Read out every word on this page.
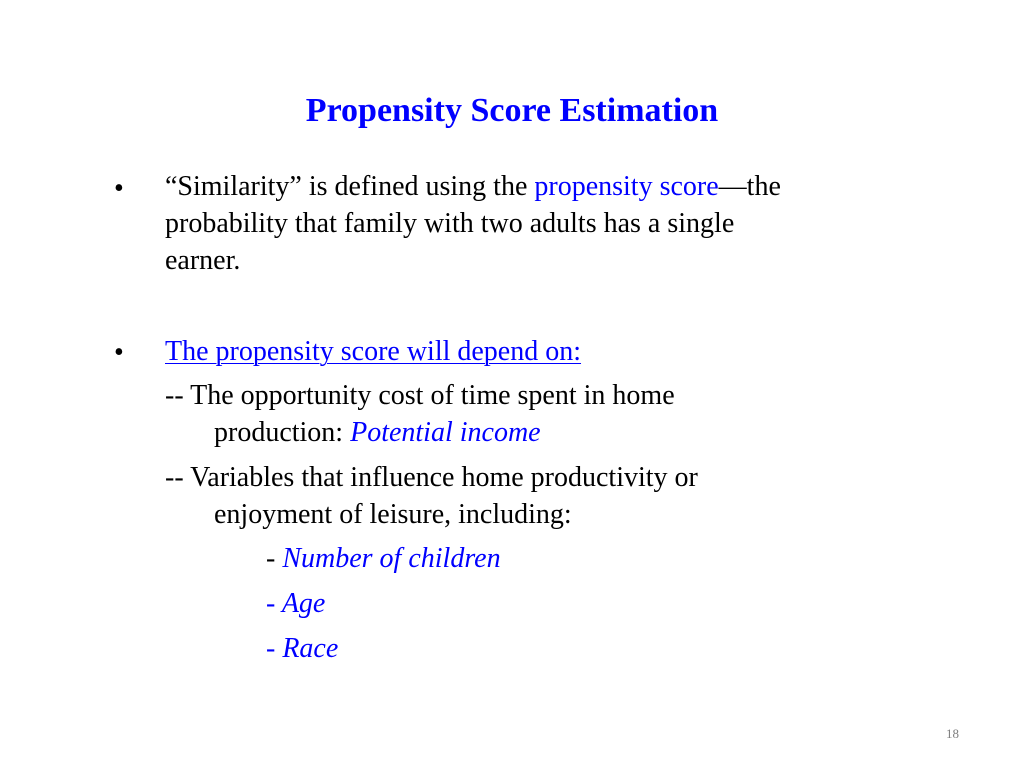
Propensity Score Estimation
• “Similarity” is defined using the propensity score—the
probability that family with two adults has a single
earner.
• The propensity score will depend on:
-- The opportunity cost of time spent in home
production: Potential income
-- Variables that influence home productivity or
enjoyment of leisure, including:
- Number of children
- Age
- Race
18
